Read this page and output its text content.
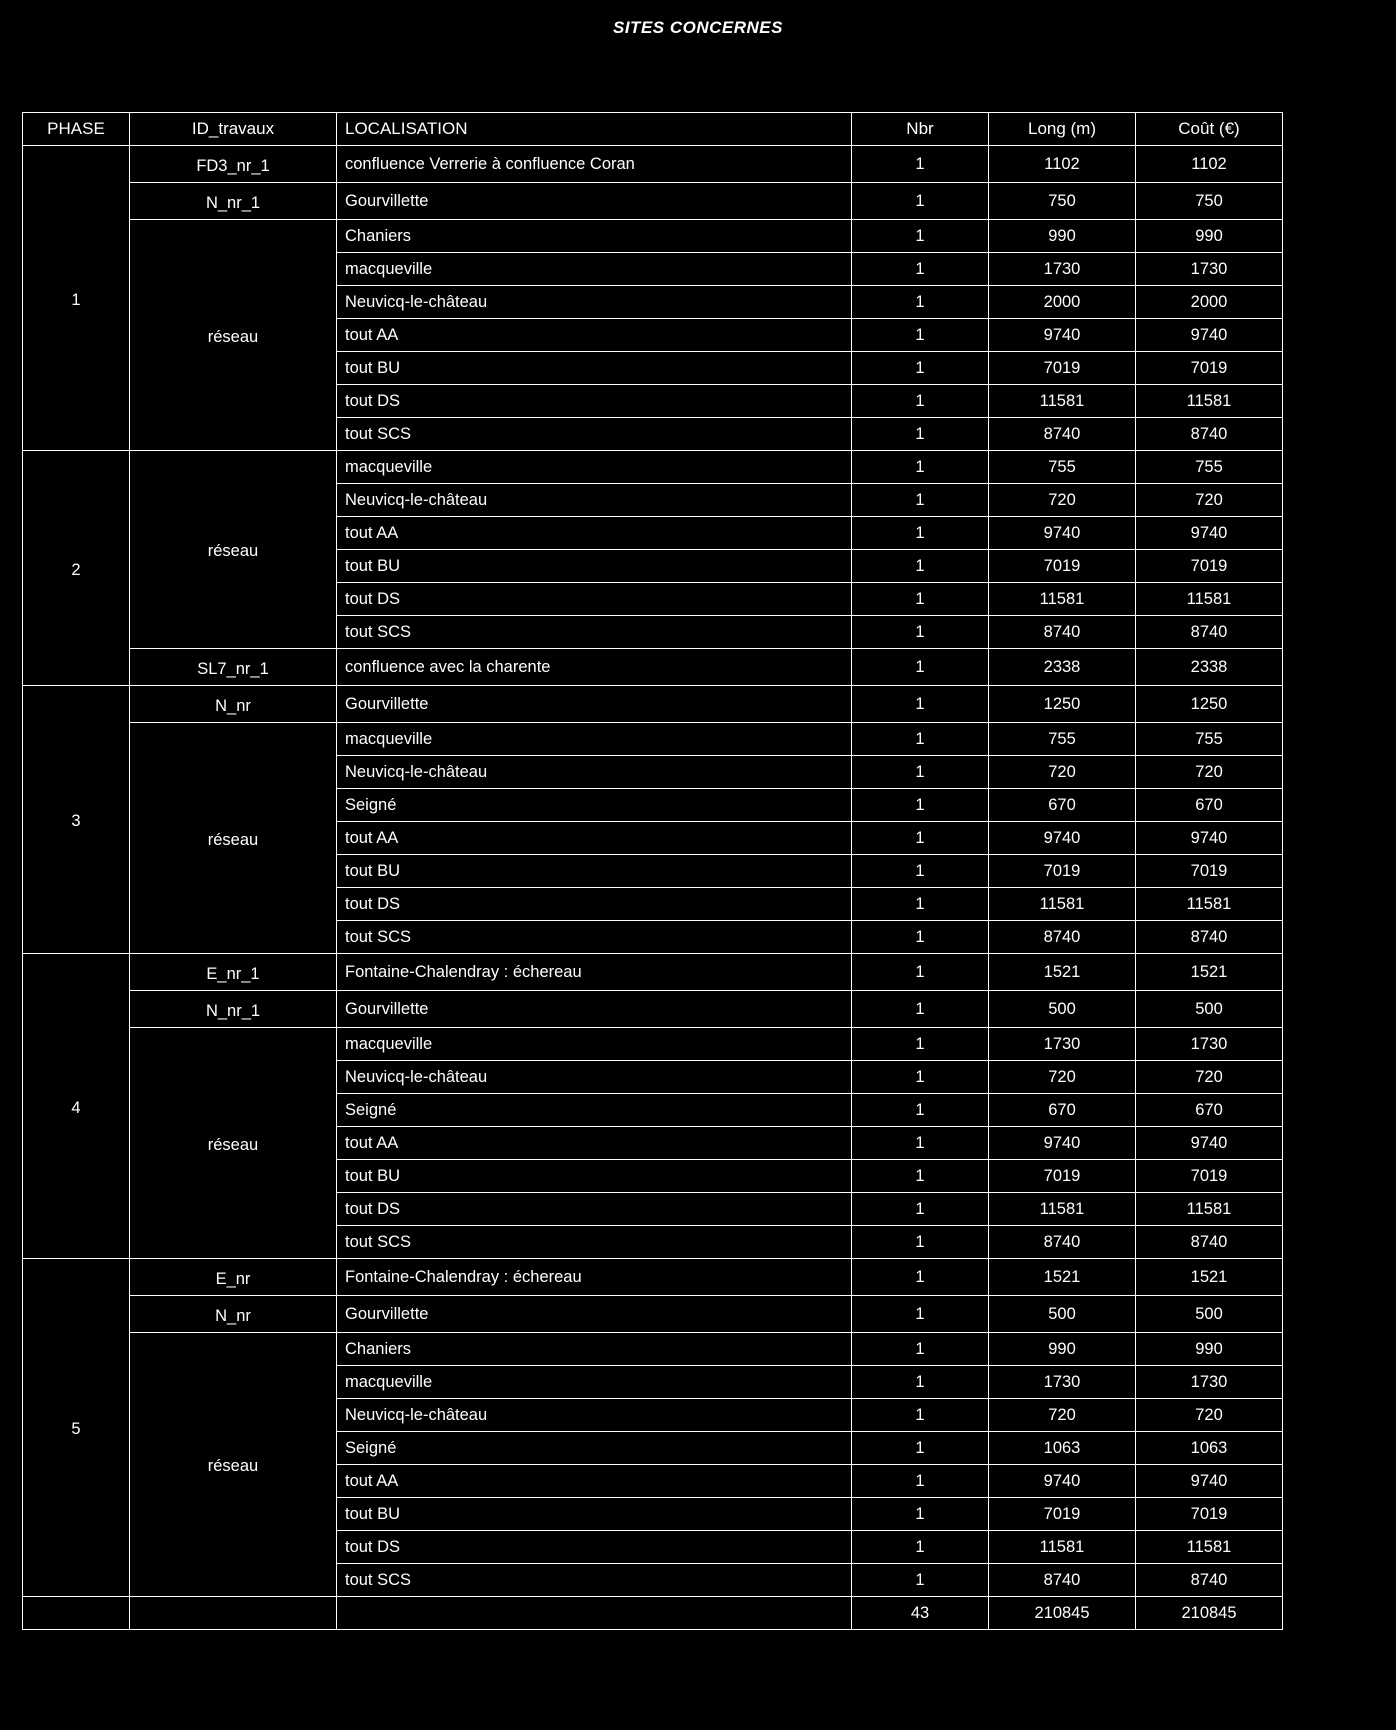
SITES CONCERNES
PHASE	ID_travaux	LOCALISATION	Nbr	Long (m)	Coût (€)
1	FD3_nr_1	confluence Verrerie à confluence Coran	1	1102	1102
	N_nr_1	Gourvillette	1	750	750
	réseau	Chaniers	1	990	990
		macqueville	1	1730	1730
		Neuvicq-le-château	1	2000	2000
		tout AA	1	9740	9740
		tout BU	1	7019	7019
		tout DS	1	11581	11581
		tout SCS	1	8740	8740
2	réseau	macqueville	1	755	755
		Neuvicq-le-château	1	720	720
		tout AA	1	9740	9740
		tout BU	1	7019	7019
		tout DS	1	11581	11581
		tout SCS	1	8740	8740
	SL7_nr_1	confluence avec la charente	1	2338	2338
3	N_nr	Gourvillette	1	1250	1250
	réseau	macqueville	1	755	755
		Neuvicq-le-château	1	720	720
		Seigné	1	670	670
		tout AA	1	9740	9740
		tout BU	1	7019	7019
		tout DS	1	11581	11581
		tout SCS	1	8740	8740
4	E_nr_1	Fontaine-Chalendray : échereau	1	1521	1521
	N_nr_1	Gourvillette	1	500	500
	réseau	macqueville	1	1730	1730
		Neuvicq-le-château	1	720	720
		Seigné	1	670	670
		tout AA	1	9740	9740
		tout BU	1	7019	7019
		tout DS	1	11581	11581
		tout SCS	1	8740	8740
5	E_nr	Fontaine-Chalendray : échereau	1	1521	1521
	N_nr	Gourvillette	1	500	500
	réseau	Chaniers	1	990	990
		macqueville	1	1730	1730
		Neuvicq-le-château	1	720	720
		Seigné	1	1063	1063
		tout AA	1	9740	9740
		tout BU	1	7019	7019
		tout DS	1	11581	11581
		tout SCS	1	8740	8740
			43	210845	210845
